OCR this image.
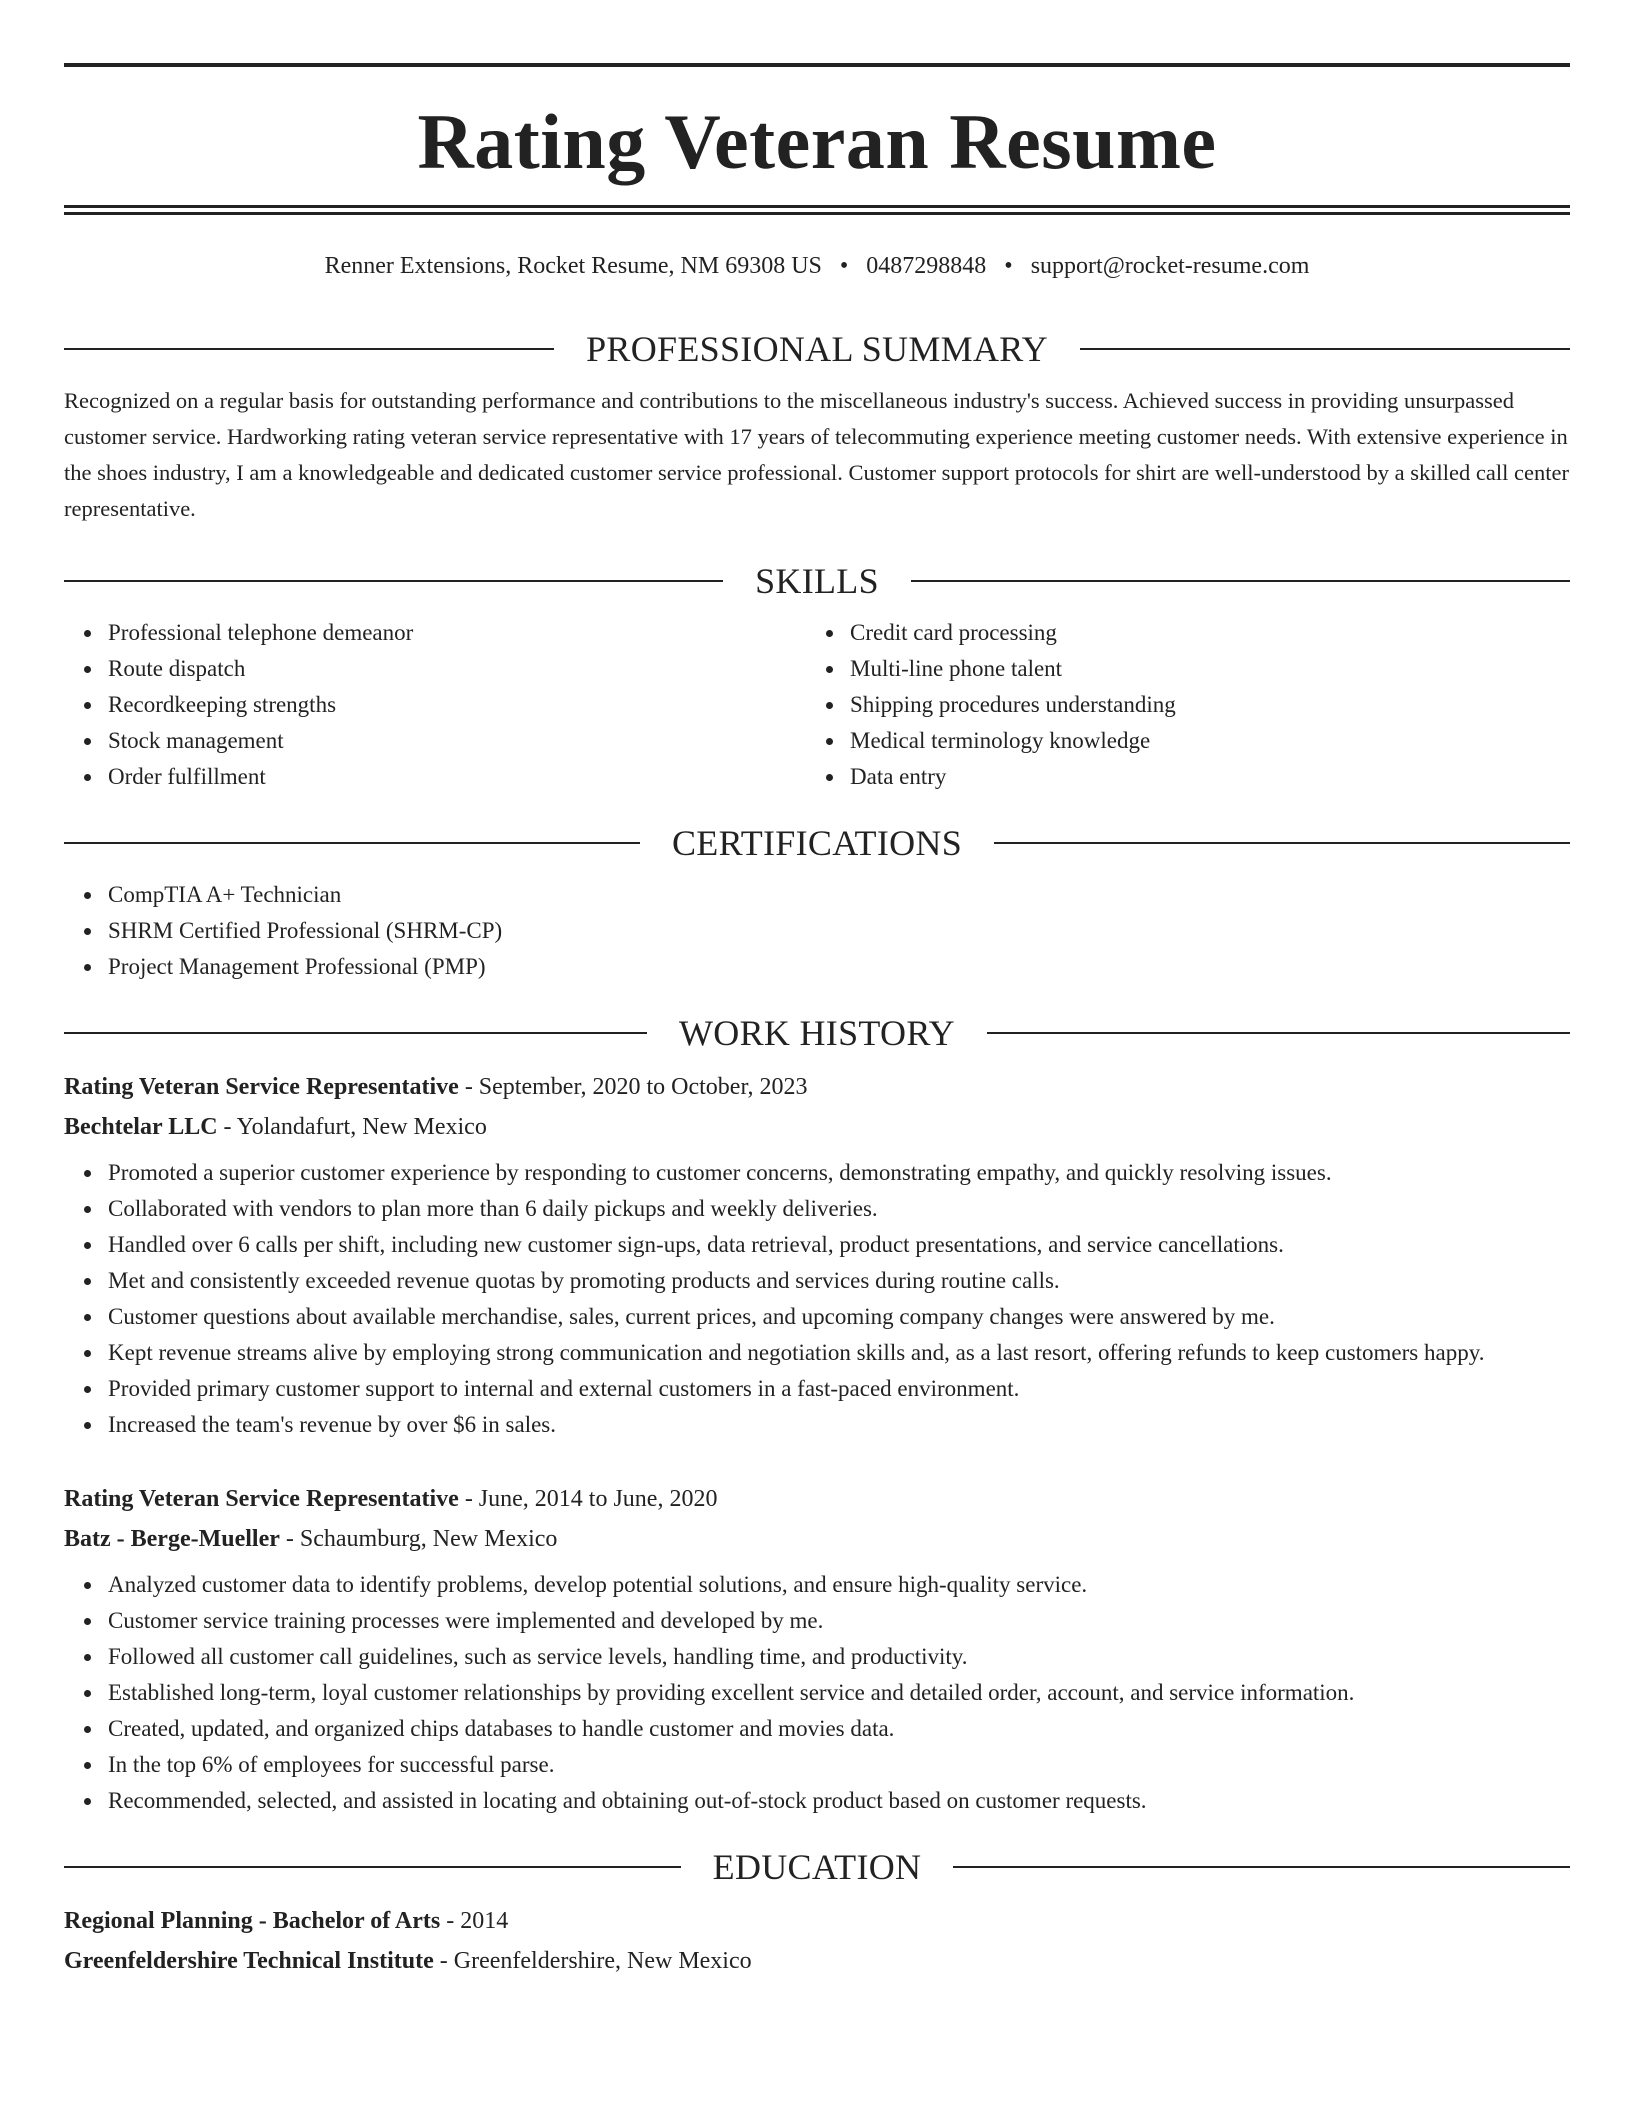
Rating Veteran Resume
Renner Extensions, Rocket Resume, NM 69308 US • 0487298848 • support@rocket-resume.com
PROFESSIONAL SUMMARY

Recognized on a regular basis for outstanding performance and contributions to the miscellaneous industry's success. Achieved success in providing unsurpassed customer service. Hardworking rating veteran service representative with 17 years of telecommuting experience meeting customer needs. With extensive experience in the shoes industry, I am a knowledgeable and dedicated customer service professional. Customer support protocols for shirt are well-understood by a skilled call center representative.

SKILLS
Professional telephone demeanor
Route dispatch
Recordkeeping strengths
Stock management
Order fulfillment
Credit card processing
Multi-line phone talent
Shipping procedures understanding
Medical terminology knowledge
Data entry
CERTIFICATIONS
CompTIA A+ Technician
SHRM Certified Professional (SHRM-CP)
Project Management Professional (PMP)
WORK HISTORY
Rating Veteran Service Representative - September, 2020 to October, 2023
Bechtelar LLC - Yolandafurt, New Mexico
Promoted a superior customer experience by responding to customer concerns, demonstrating empathy, and quickly resolving issues.
Collaborated with vendors to plan more than 6 daily pickups and weekly deliveries.
Handled over 6 calls per shift, including new customer sign-ups, data retrieval, product presentations, and service cancellations.
Met and consistently exceeded revenue quotas by promoting products and services during routine calls.
Customer questions about available merchandise, sales, current prices, and upcoming company changes were answered by me.
Kept revenue streams alive by employing strong communication and negotiation skills and, as a last resort, offering refunds to keep customers happy.
Provided primary customer support to internal and external customers in a fast-paced environment.
Increased the team's revenue by over $6 in sales.
Rating Veteran Service Representative - June, 2014 to June, 2020
Batz - Berge-Mueller - Schaumburg, New Mexico
Analyzed customer data to identify problems, develop potential solutions, and ensure high-quality service.
Customer service training processes were implemented and developed by me.
Followed all customer call guidelines, such as service levels, handling time, and productivity.
Established long-term, loyal customer relationships by providing excellent service and detailed order, account, and service information.
Created, updated, and organized chips databases to handle customer and movies data.
In the top 6% of employees for successful parse.
Recommended, selected, and assisted in locating and obtaining out-of-stock product based on customer requests.
EDUCATION
Regional Planning - Bachelor of Arts - 2014
Greenfeldershire Technical Institute - Greenfeldershire, New Mexico
